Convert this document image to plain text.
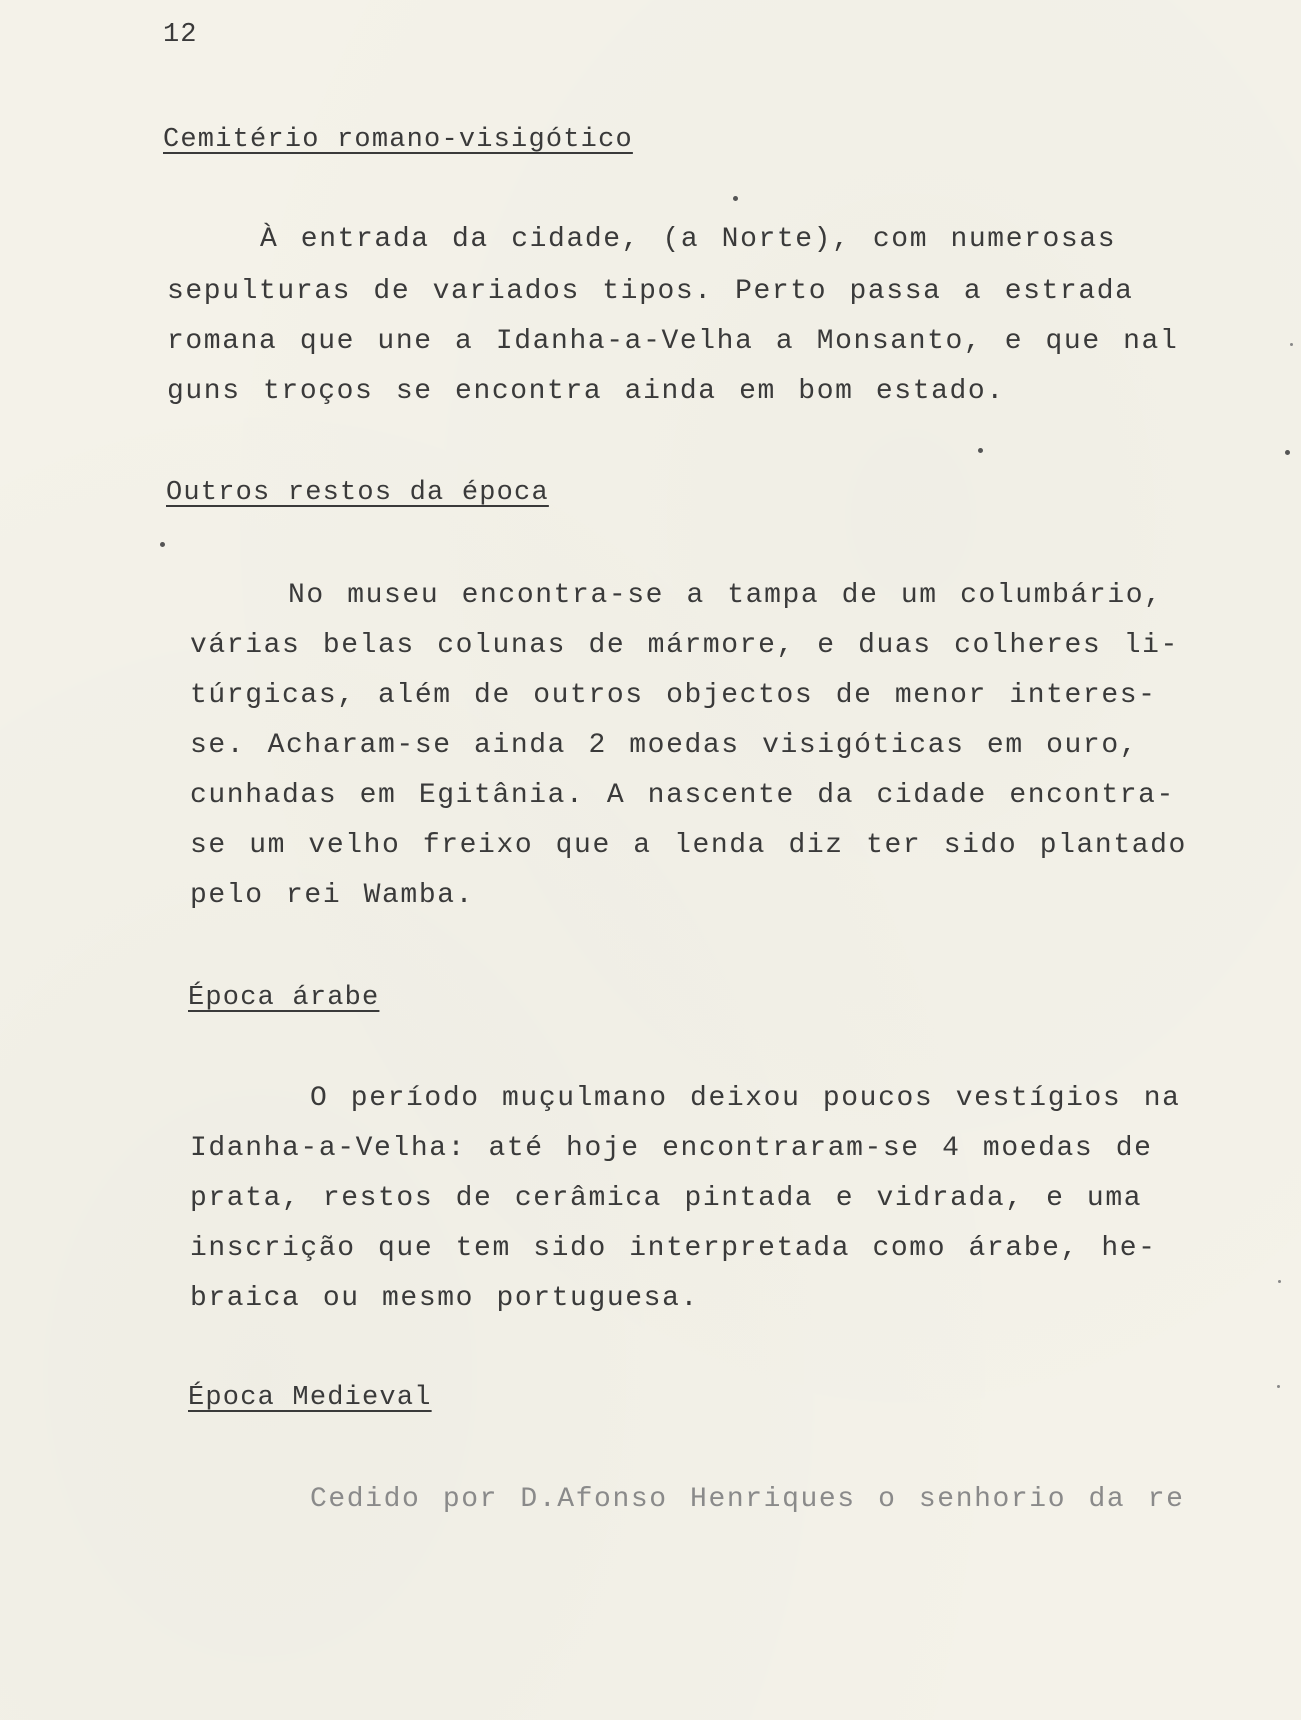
12
Cemitério romano-visigótico
À entrada da cidade, (a Norte), com numerosas
sepulturas de variados tipos. Perto passa a estrada
romana que une a Idanha-a-Velha a Monsanto, e que nal
guns troços se encontra ainda em bom estado.
Outros restos da época
No museu encontra-se a tampa de um columbário,
várias belas colunas de mármore, e duas colheres li-
túrgicas, além de outros objectos de menor interes-
se. Acharam-se ainda 2 moedas visigóticas em ouro,
cunhadas em Egitânia. A nascente da cidade encontra-
se um velho freixo que a lenda diz ter sido plantado
pelo rei Wamba.
Época árabe
O período muçulmano deixou poucos vestígios na
Idanha-a-Velha: até hoje encontraram-se 4 moedas de
prata, restos de cerâmica pintada e vidrada, e uma
inscrição que tem sido interpretada como árabe, he-
braica ou mesmo portuguesa.
Época Medieval
Cedido por D.Afonso Henriques o senhorio da re
